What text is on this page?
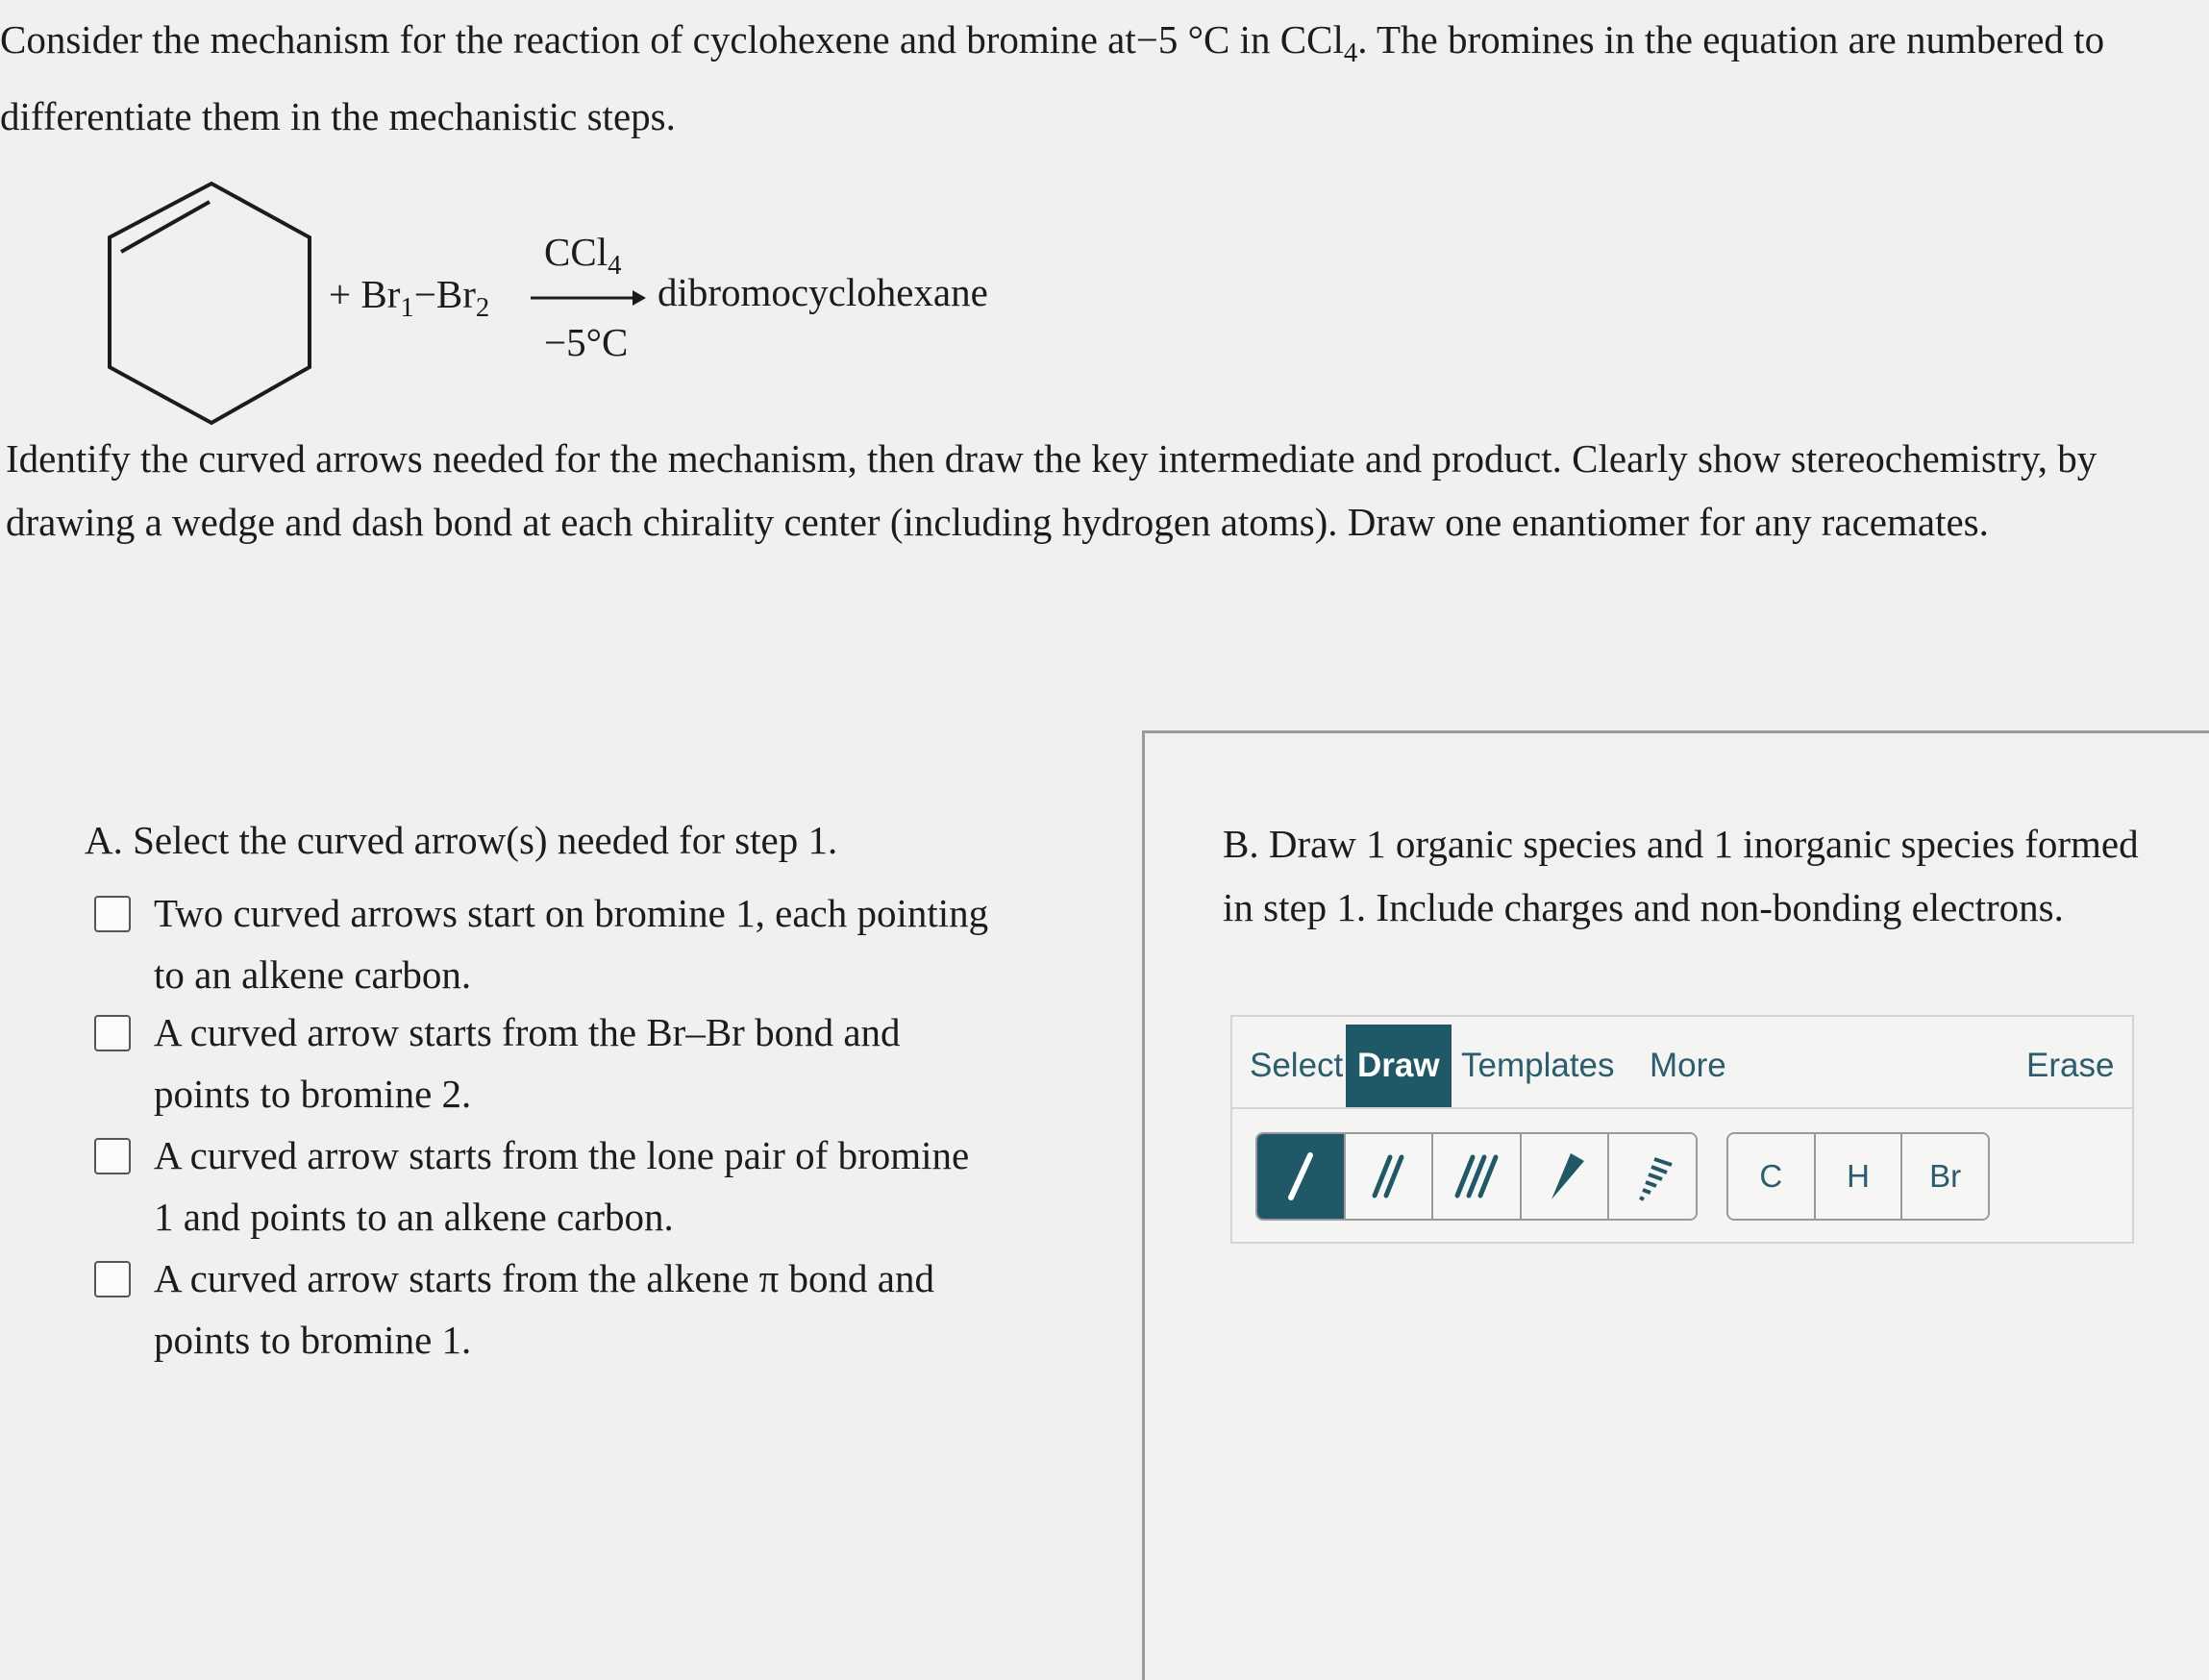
Consider the mechanism for the reaction of cyclohexene and bromine at−5 °C in CCl$_4$. The bromines in the equation are numbered to differentiate them in the mechanistic steps.
+ $Br_1-Br_2$
CCl$_4$
−5°C
dibromocyclohexane
Identify the curved arrows needed for the mechanism, then draw the key intermediate and product. Clearly show stereochemistry, by drawing a wedge and dash bond at each chirality center (including hydrogen atoms). Draw one enantiomer for any racemates.
A. Select the curved arrow(s) needed for step 1.
Two curved arrows start on bromine 1, each pointing to an alkene carbon.
A curved arrow starts from the Br–Br bond and points to bromine 2.
A curved arrow starts from the lone pair of bromine 1 and points to an alkene carbon.
A curved arrow starts from the alkene π bond and points to bromine 1.
B. Draw 1 organic species and 1 inorganic species formed in step 1. Include charges and non-bonding electrons.
Select Draw Templates	More	Erase
C	H	Br
